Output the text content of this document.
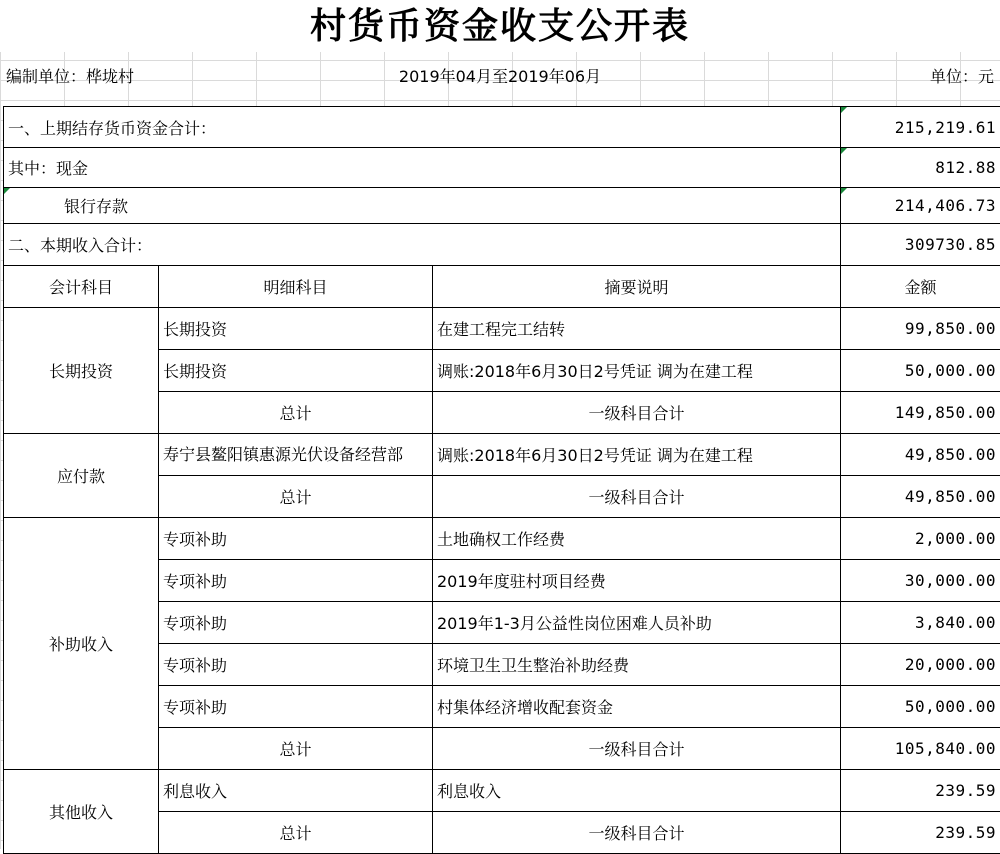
村货币资金收支公开表
编制单位：桦垅村	2019年04月至2019年06月	单位：元
一、上期结存货币资金合计：			215,219.61
其中：现金			812.88
银行存款			214,406.73
二、本期收入合计：			309730.85
会计科目	明细科目	摘要说明	金额
长期投资	长期投资	在建工程完工结转	99,850.00
	长期投资	调账:2018年6月30日2号凭证 调为在建工程	50,000.00
	总计	一级科目合计	149,850.00
应付款	寿宁县鳌阳镇惠源光伏设备经营部	调账:2018年6月30日2号凭证 调为在建工程	49,850.00
	总计	一级科目合计	49,850.00
补助收入	专项补助	土地确权工作经费	2,000.00
	专项补助	2019年度驻村项目经费	30,000.00
	专项补助	2019年1-3月公益性岗位困难人员补助	3,840.00
	专项补助	环境卫生卫生整治补助经费	20,000.00
	专项补助	村集体经济增收配套资金	50,000.00
	总计	一级科目合计	105,840.00
其他收入	利息收入	利息收入	239.59
	总计	一级科目合计	239.59
